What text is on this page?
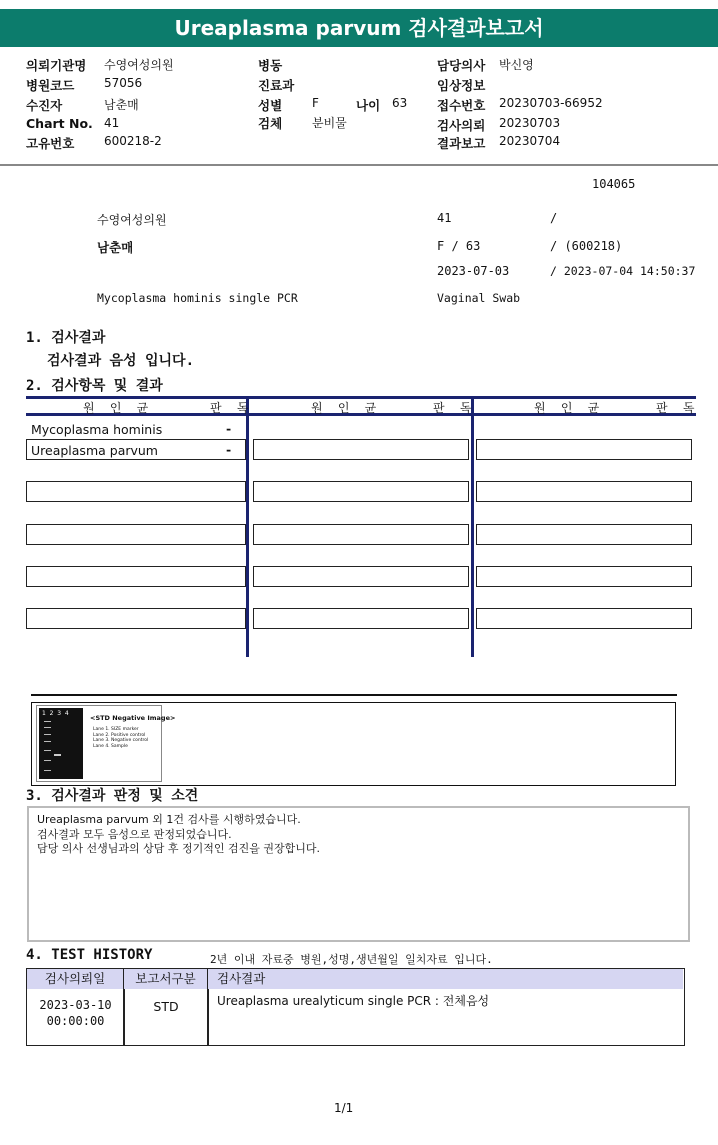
Ureaplasma parvum 검사결과보고서
의뢰기관명 수영여성의원
병원코드 57056
수진자	남춘매
Chart No. 41
고유번호 600218-2
병동
진료과
성별 F	나이 63
검체 분비물
담당의사 박신영
임상정보
접수번호 20230703-66952
검사의뢰 20230703
결과보고 20230704
104065
수영여성의원	41	/
남춘매	F / 63	/ (600218)
2023-07-03	/ 2023-07-04 14:50:37
Mycoplasma hominis single PCR	Vaginal Swab
1. 검사결과
검사결과 음성 입니다.
2. 검사항목 및 결과
원 인 균	판 독	원 인 균	판 독	원 인 균	판 독
Mycoplasma hominis	-
Ureaplasma parvum	-
1  2  3  4
<STD Negative Image>
Lane 1. SIZE marker
Lane 2. Positive control
Lane 3. Negative control
Lane 4. Sample
3. 검사결과 판정 및 소견
Ureaplasma parvum 외 1건 검사를 시행하였습니다.
검사결과 모두 음성으로 판정되었습니다.
담당 의사 선생님과의 상담 후 정기적인 검진을 권장합니다.
4. TEST HISTORY	2년 이내 자료중 병원,성명,생년월일 일치자료 입니다.
검사의뢰일	보고서구분	검사결과
2023-03-10
00:00:00
STD	Ureaplasma urealyticum single PCR : 전체음성
1/1
